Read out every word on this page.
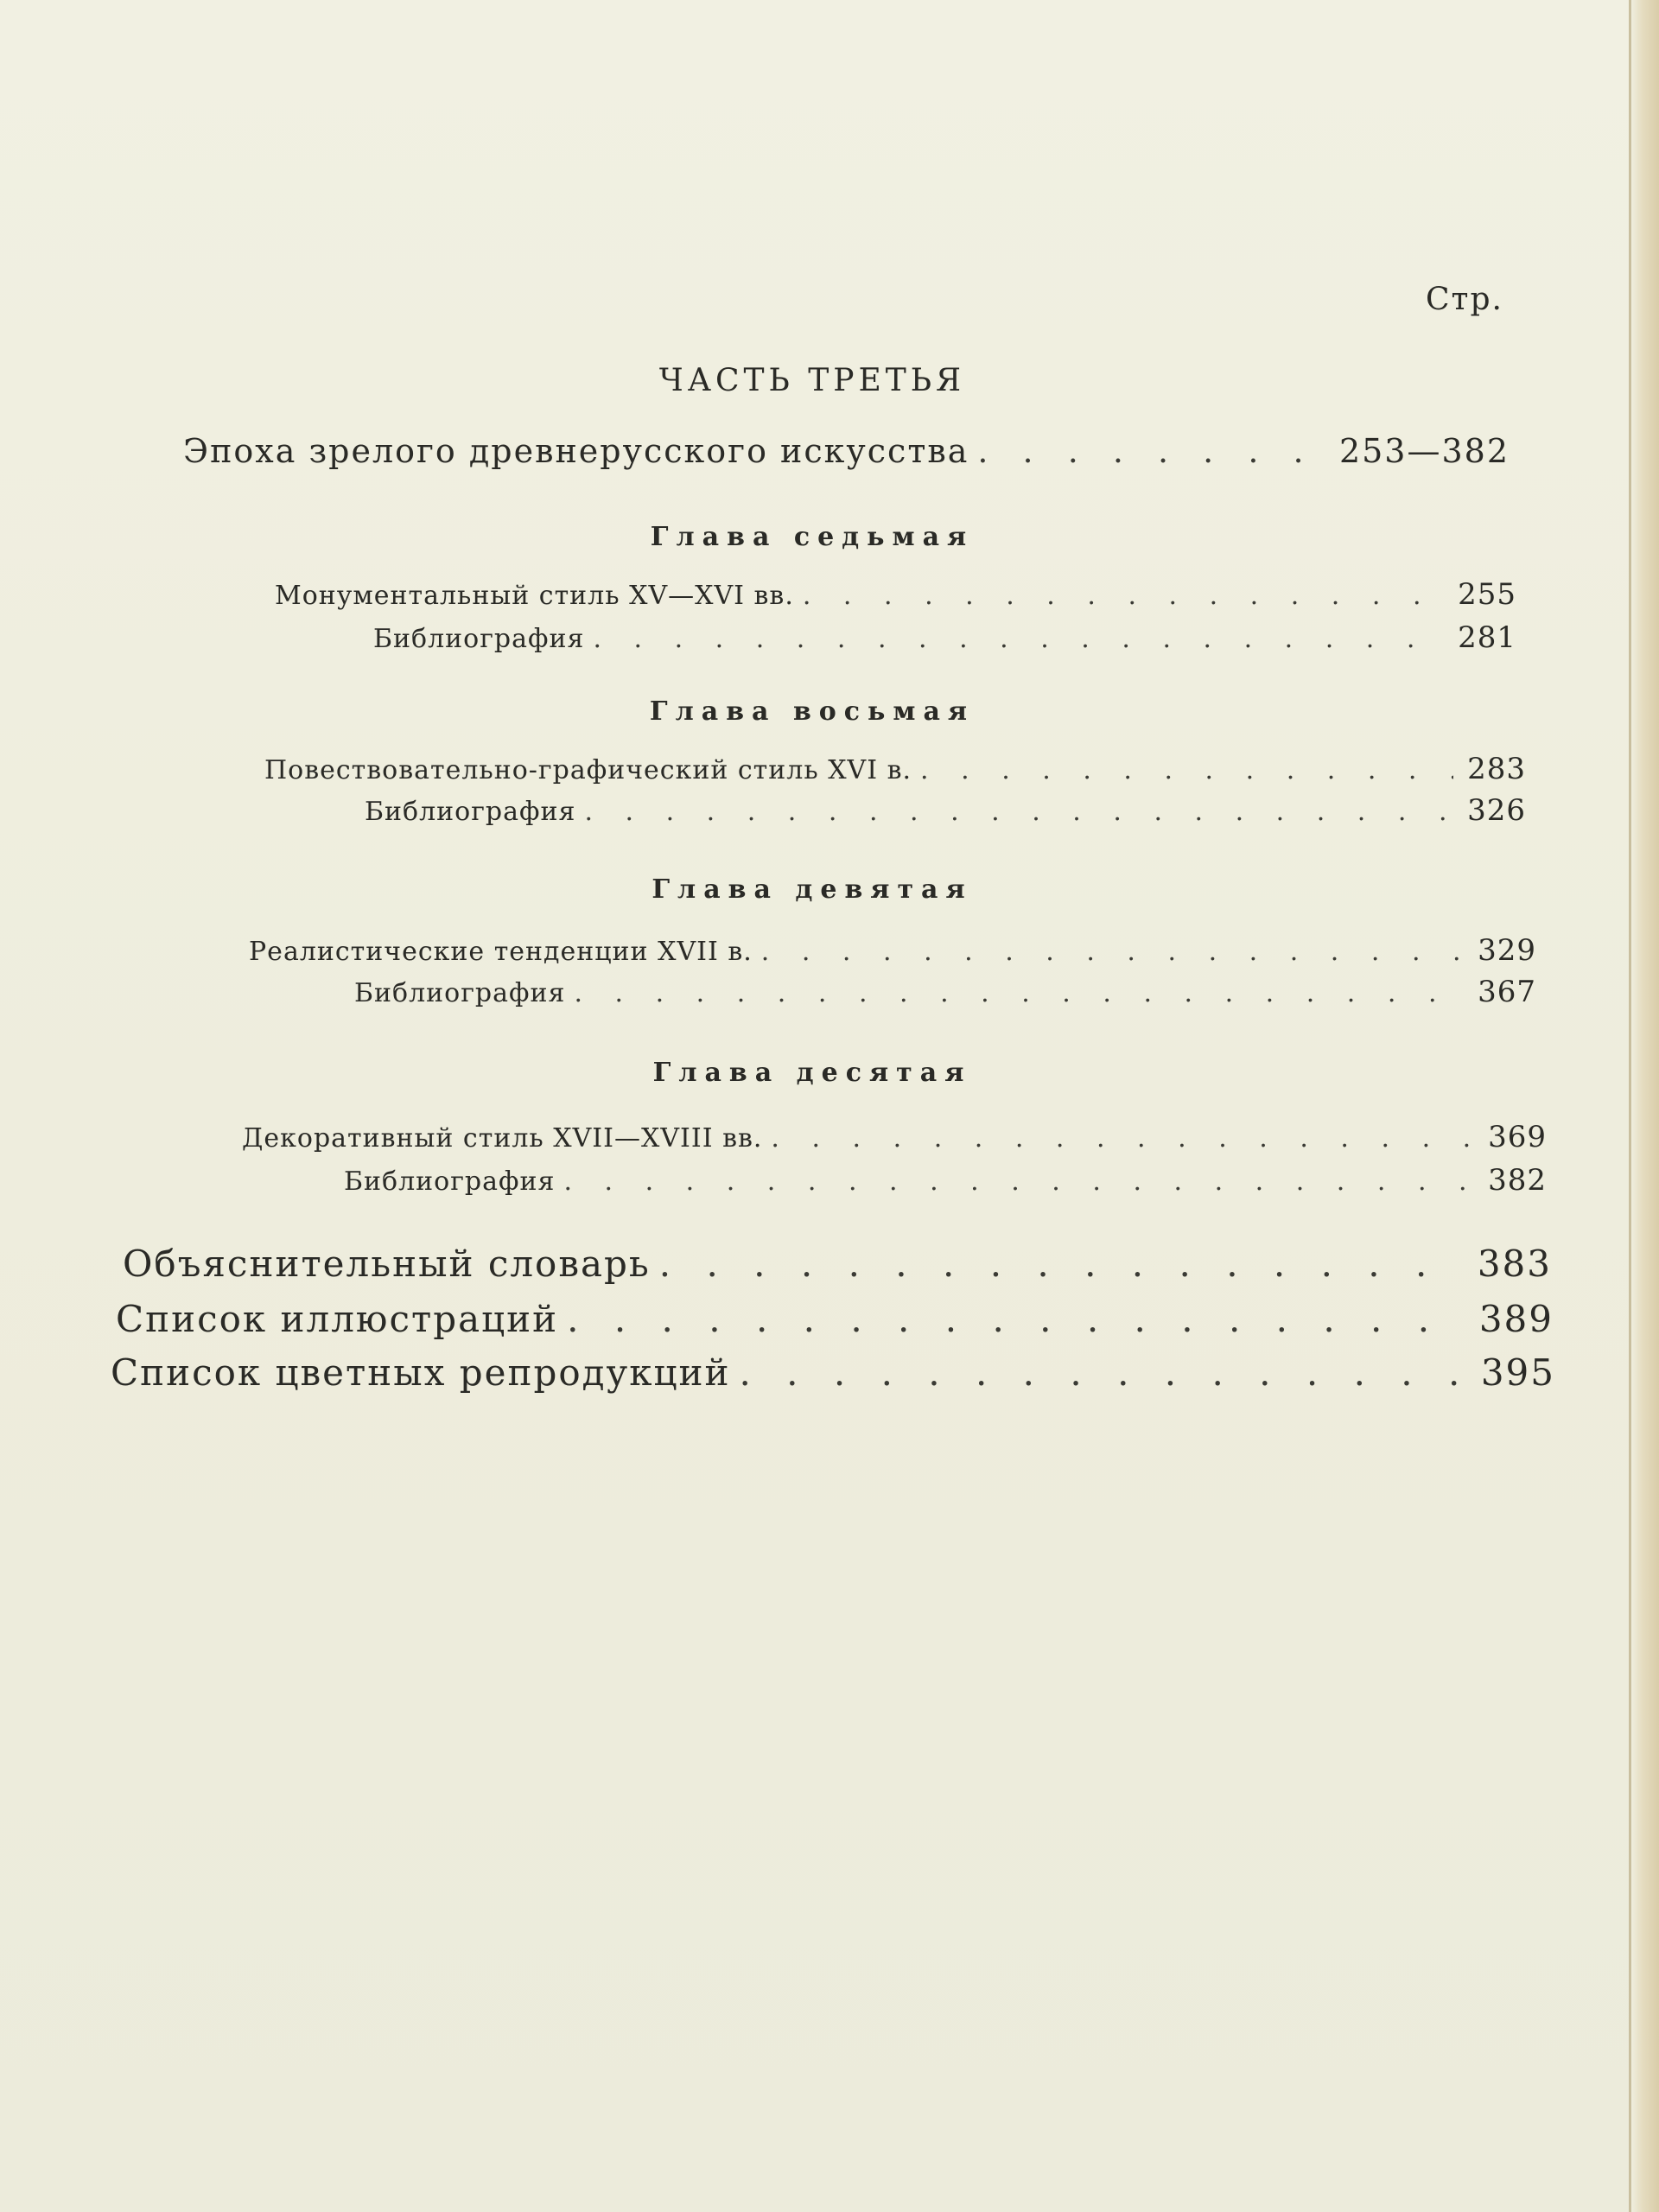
Стр.
ЧАСТЬ ТРЕТЬЯ
Эпоха зрелого древнерусского искусства . . .	253—382
Глава седьмая
Монументальный стиль XV—XVI вв. . . .	255
Библиография . . .	281
Глава восьмая
Повествовательно-графический стиль XVI в. . . .	283
Библиография . . .	326
Глава девятая
Реалистические тенденции XVII в. . . .	329
Библиография . . .	367
Глава десятая
Декоративный стиль XVII—XVIII вв. . . .	369
Библиография . . .	382
Объяснительный словарь . . .	383
Список иллюстраций . . .	389
Список цветных репродукций . . .	395
